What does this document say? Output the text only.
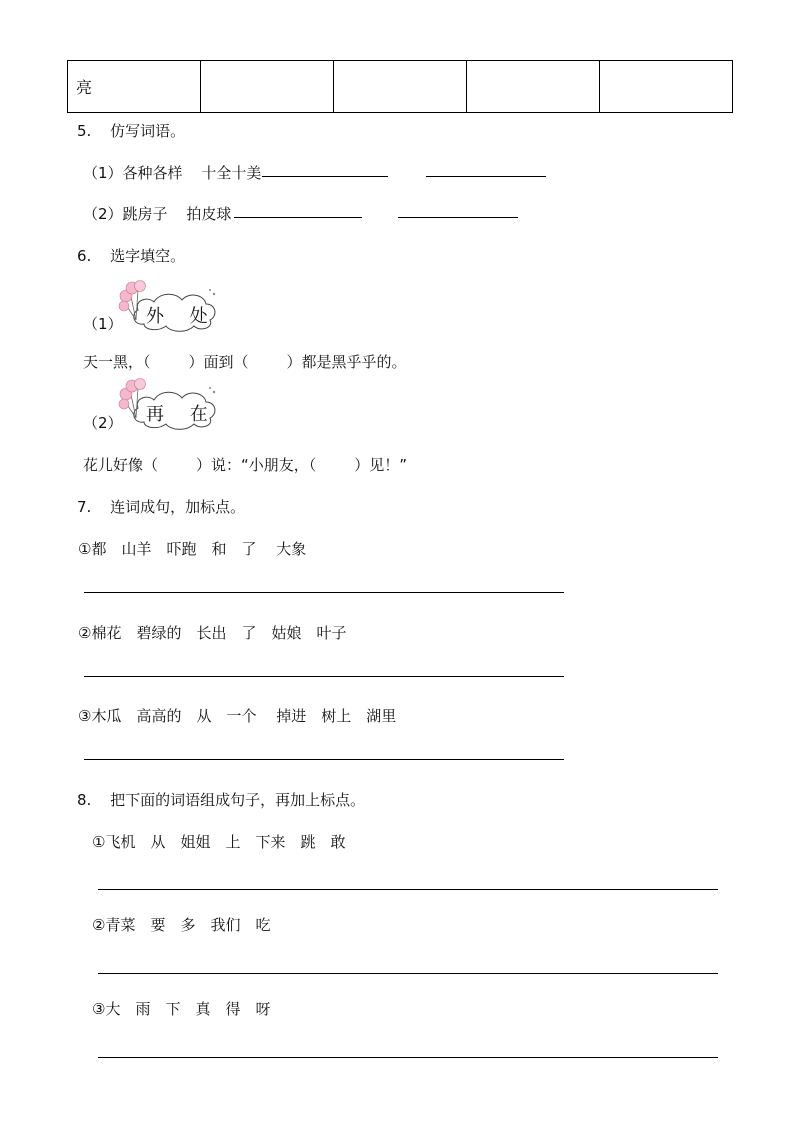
亮				
5. 仿写词语。
（1）各种各样 十全十美
（2）跳房子 拍皮球
6. 选字填空。
（1） 外 处
天一黑，（	）面到（	）都是黑乎乎的。
（2） 再 在
花儿好像（	）说：“小朋友，（	）见！”
7. 连词成句，加标点。
①都　山羊　吓跑　和　了　 大象
②棉花　碧绿的　长出　了　姑娘　叶子
③木瓜　高高的　从　一个　 掉进　树上　湖里
8. 把下面的词语组成句子，再加上标点。
①飞机　从　姐姐　上　下来　跳　敢
②青菜　要　多　我们　吃
③大　雨　下　真　得　呀
